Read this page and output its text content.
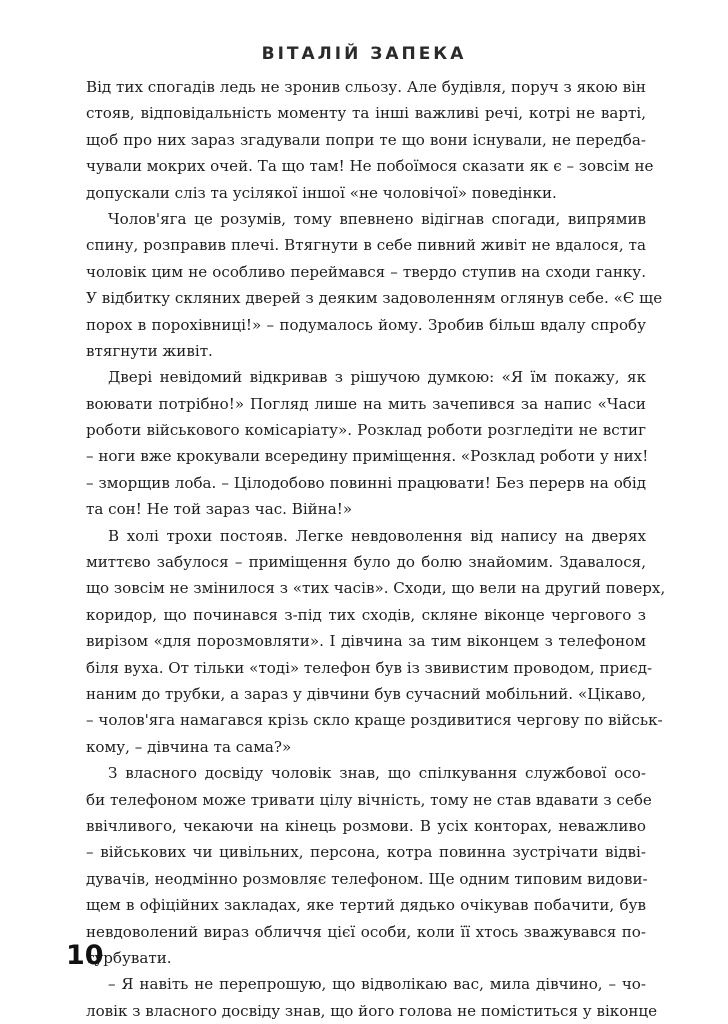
ВІТАЛІЙ ЗАПЕКА
Від тих спогадів ледь не зронив сльозу. Але будівля, поруч з якою він
стояв, відповідальність моменту та інші важливі речі, котрі не варті,
щоб про них зараз згадували попри те що вони існували, не передба-
чували мокрих очей. Та що там! Не побоїмося сказати як є – зовсім не
допускали сліз та усілякої іншої «не чоловічої» поведінки.
Чолов'яга це розумів, тому впевнено відігнав спогади, випрямив
спину, розправив плечі. Втягнути в себе пивний живіт не вдалося, та
чоловік цим не особливо переймався – твердо ступив на сходи ганку.
У відбитку скляних дверей з деяким задоволенням оглянув себе. «Є ще
порох в порохівниці!» – подумалось йому. Зробив більш вдалу спробу
втягнути живіт.
Двері невідомий відкривав з рішучою думкою: «Я їм покажу, як
воювати потрібно!» Погляд лише на мить зачепився за напис «Часи
роботи військового комісаріату». Розклад роботи розгледіти не встиг
– ноги вже крокували всередину приміщення. «Розклад роботи у них!
– зморщив лоба. – Цілодобово повинні працювати! Без перерв на обід
та сон! Не той зараз час. Війна!»
В холі трохи постояв. Легке невдоволення від напису на дверях
миттєво забулося – приміщення було до болю знайомим. Здавалося,
що зовсім не змінилося з «тих часів». Сходи, що вели на другий поверх,
коридор, що починався з-під тих сходів, скляне віконце чергового з
вирізом «для порозмовляти». І дівчина за тим віконцем з телефоном
біля вуха. От тільки «тоді» телефон був із звивистим проводом, приєд-
наним до трубки, а зараз у дівчини був сучасний мобільний. «Цікаво,
– чолов'яга намагався крізь скло краще роздивитися чергову по військ-
кому, – дівчина та сама?»
З власного досвіду чоловік знав, що спілкування службової осо-
би телефоном може тривати цілу вічність, тому не став вдавати з себе
ввічливого, чекаючи на кінець розмови. В усіх конторах, неважливо
– військових чи цивільних, персона, котра повинна зустрічати відві-
дувачів, неодмінно розмовляє телефоном. Ще одним типовим видови-
щем в офіційних закладах, яке тертий дядько очікував побачити, був
невдоволений вираз обличчя цієї особи, коли її хтось зважувався по-
турбувати.
– Я навіть не перепрошую, що відволікаю вас, мила дівчино, – чо-
ловік з власного досвіду знав, що його голова не поміститься у віконце
10
